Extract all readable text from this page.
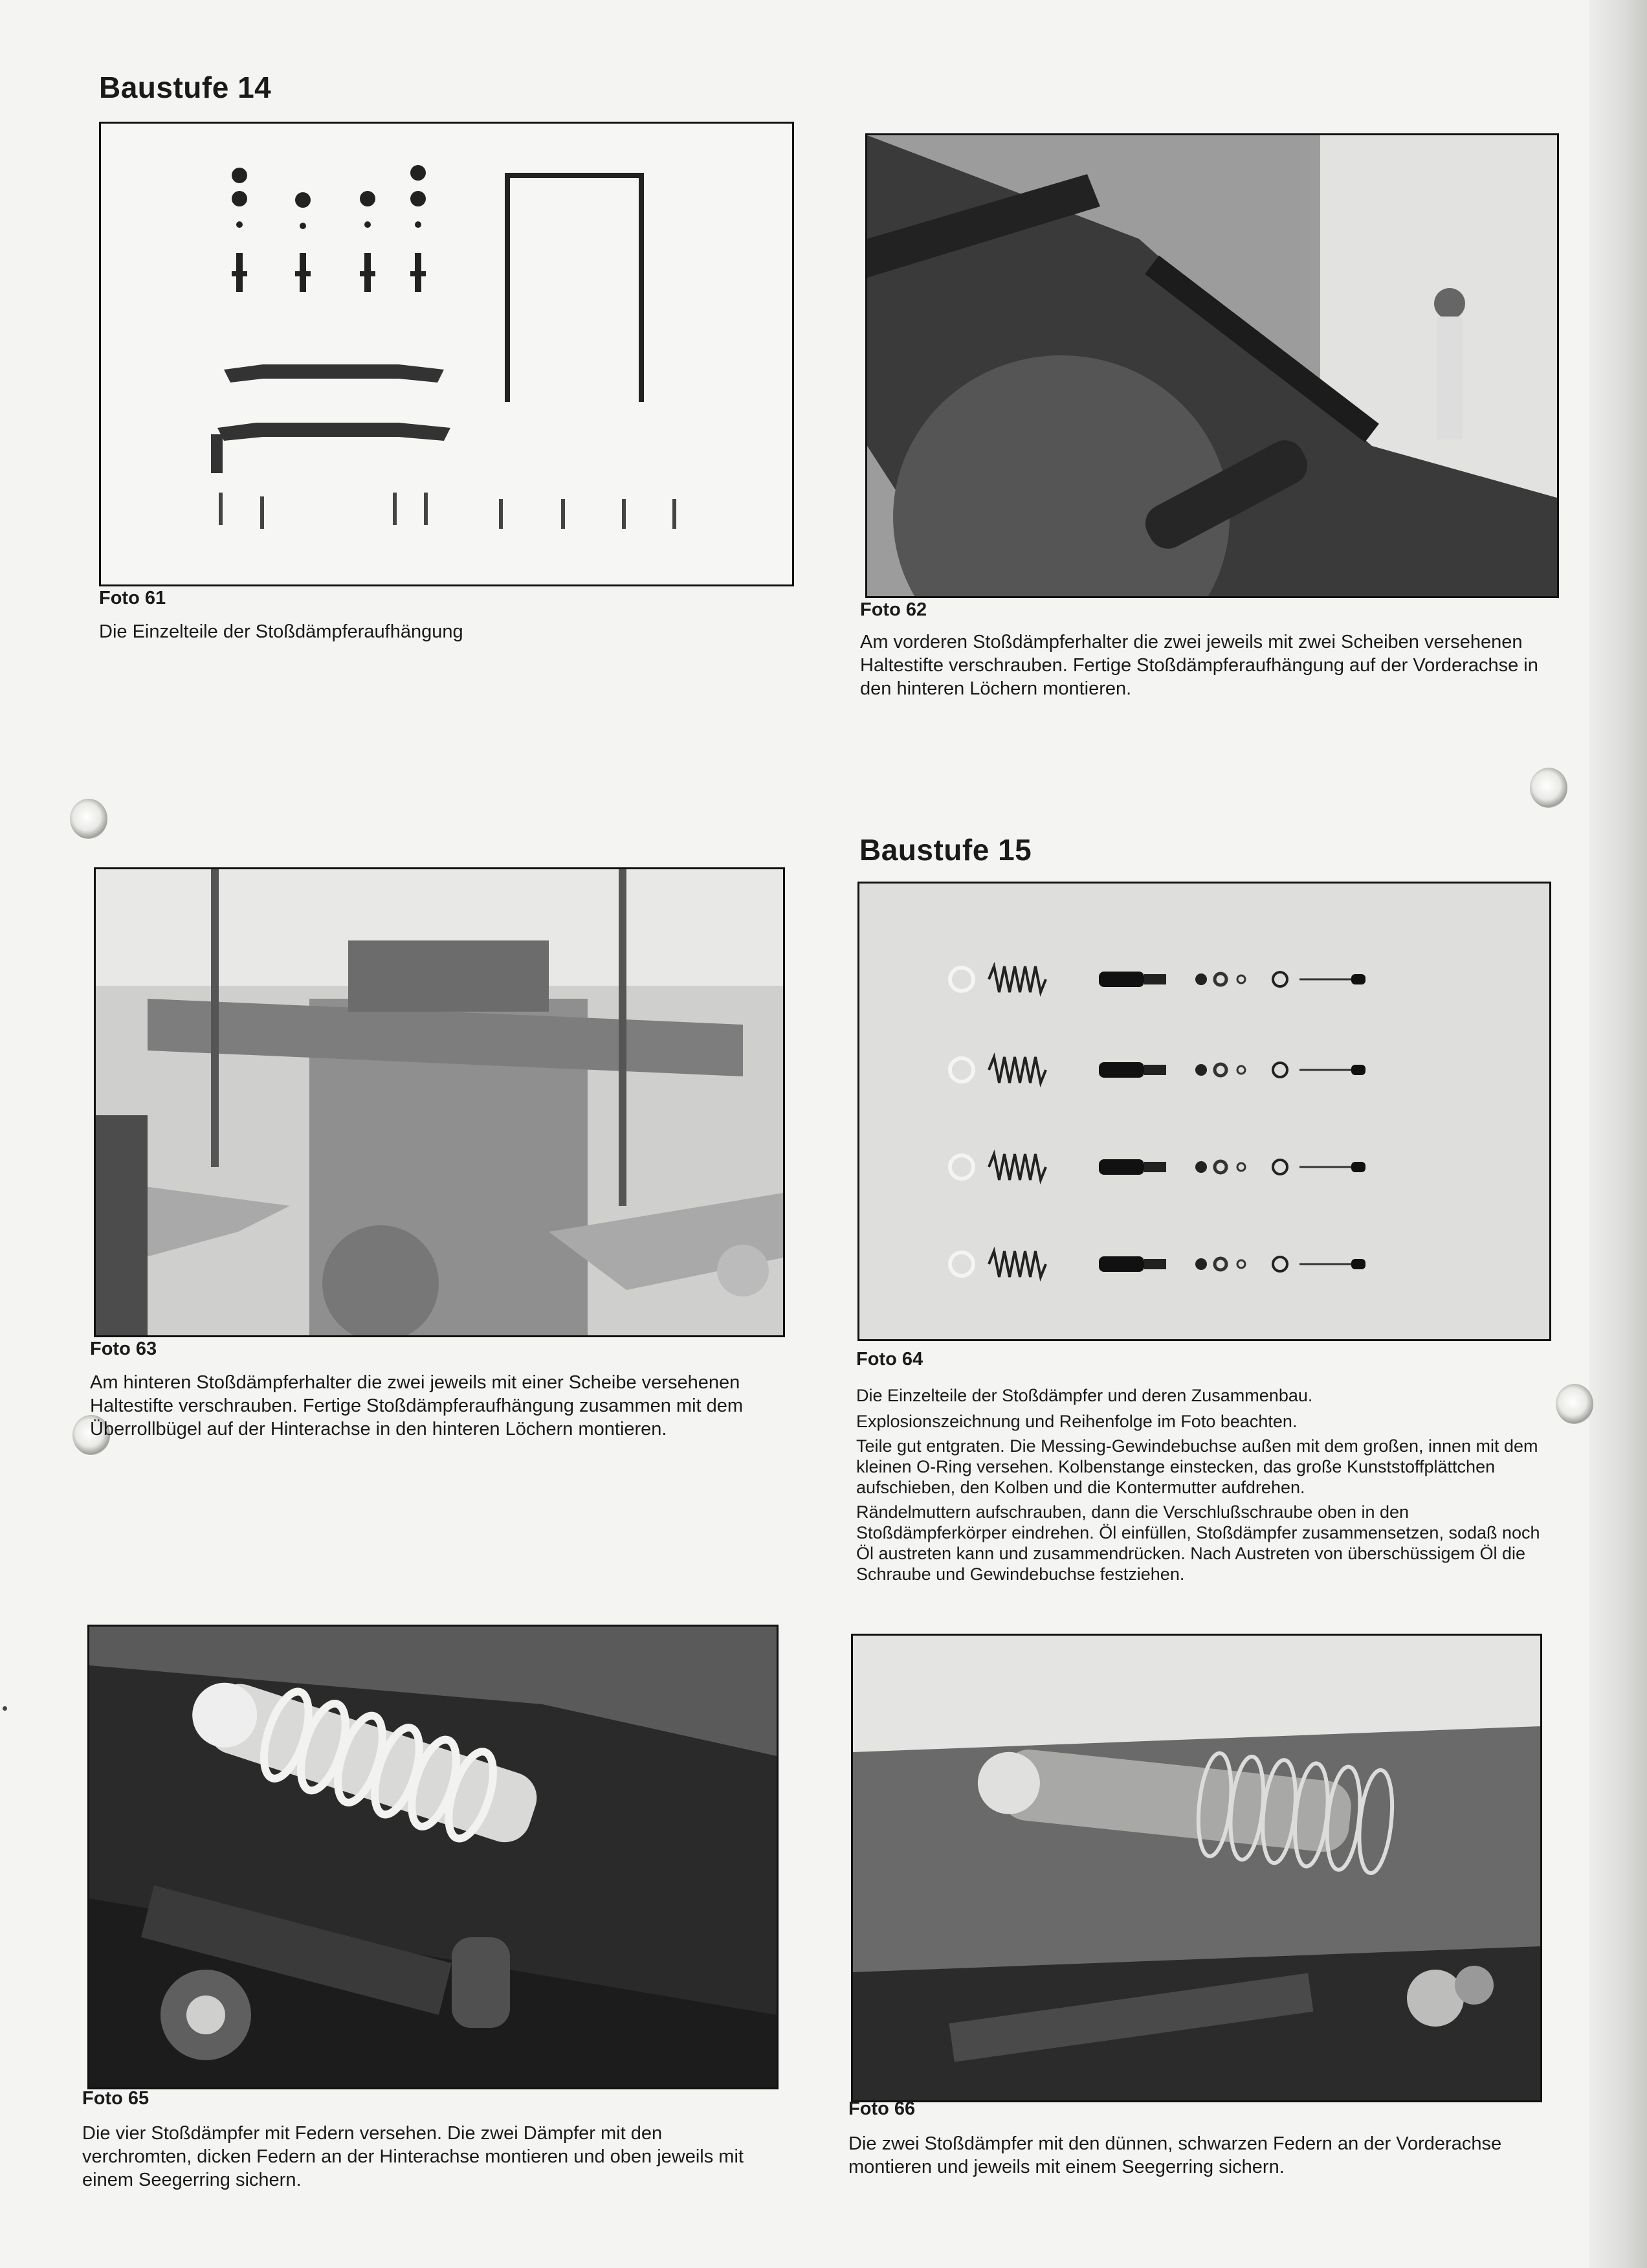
Baustufe 14
Baustufe 15
Foto 61
Die Einzelteile der Stoßdämpferaufhängung
Foto 62
Am vorderen Stoßdämpferhalter die zwei jeweils mit zwei Scheiben versehenen Haltestifte verschrauben. Fertige Stoßdämpferaufhängung auf der Vorderachse in den hinteren Löchern montieren.
Foto 63
Am hinteren Stoßdämpferhalter die zwei jeweils mit einer Scheibe versehenen Haltestifte verschrauben. Fertige Stoßdämpferaufhängung zusammen mit dem Überrollbügel auf der Hinterachse in den hinteren Löchern montieren.
Foto 64
Die Einzelteile der Stoßdämpfer und deren Zusammenbau.
Explosionszeichnung und Reihenfolge im Foto beachten.
Teile gut entgraten. Die Messing-Gewindebuchse außen mit dem großen, innen mit dem kleinen O-Ring versehen. Kolbenstange einstecken, das große Kunststoffplättchen aufschieben, den Kolben und die Kontermutter aufdrehen.
Rändelmuttern aufschrauben, dann die Verschlußschraube oben in den Stoßdämpferkörper eindrehen. Öl einfüllen, Stoßdämpfer zusammensetzen, sodaß noch Öl austreten kann und zusammendrücken. Nach Austreten von überschüssigem Öl die Schraube und Gewindebuchse festziehen.
Foto 65
Die vier Stoßdämpfer mit Federn versehen. Die zwei Dämpfer mit den verchromten, dicken Federn an der Hinterachse montieren und oben jeweils mit einem Seegerring sichern.
Foto 66
Die zwei Stoßdämpfer mit den dünnen, schwarzen Federn an der Vorderachse montieren und jeweils mit einem Seegerring sichern.
